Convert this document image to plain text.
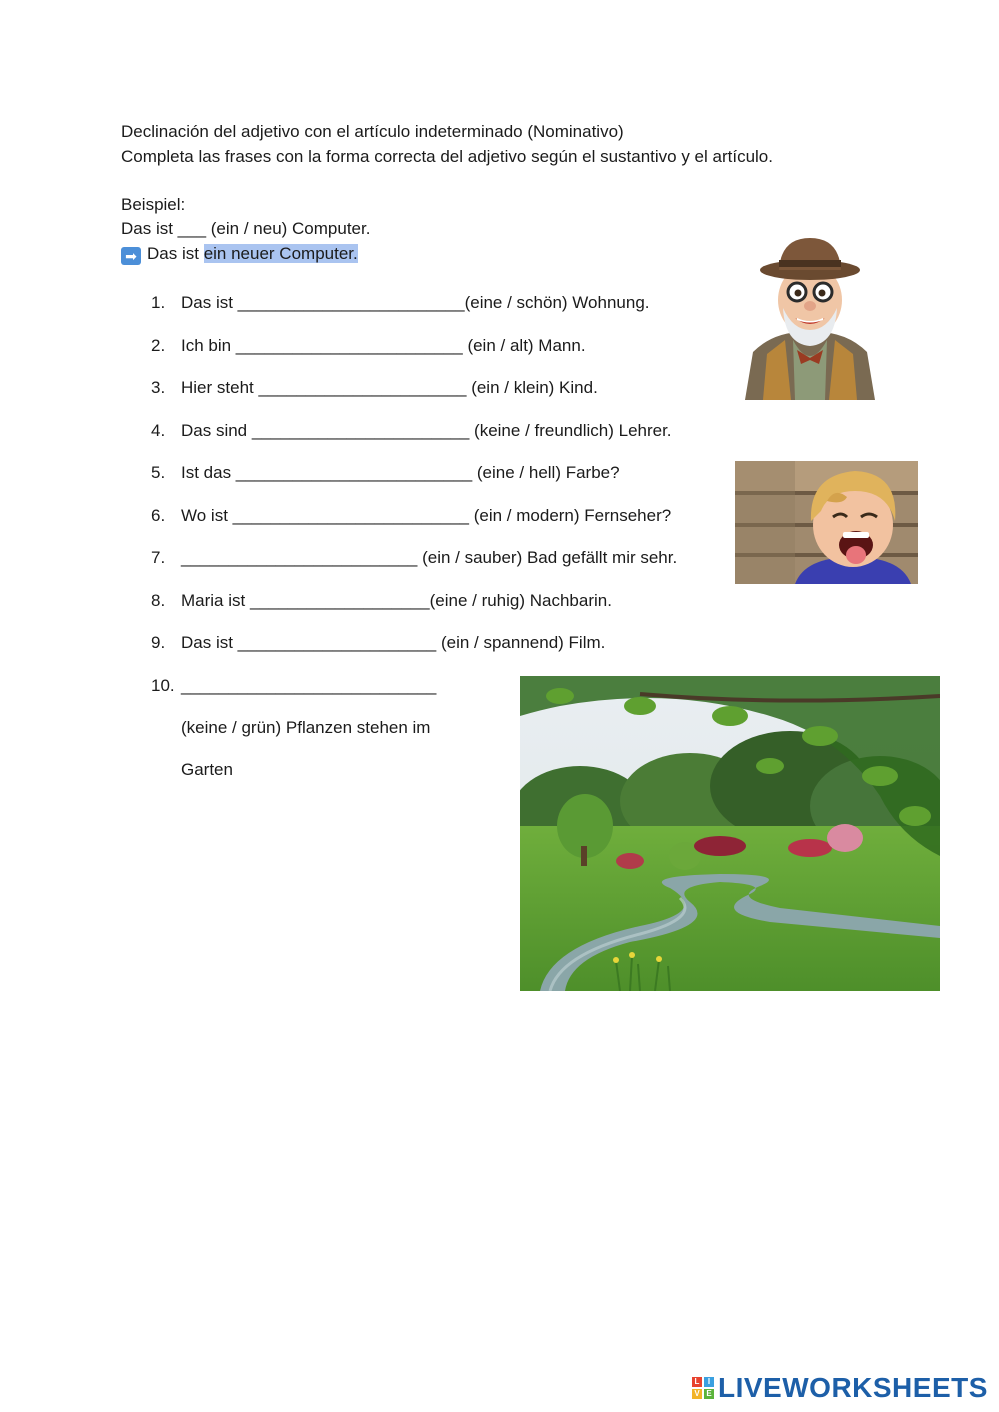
Declinación del adjetivo con el artículo indeterminado (Nominativo)
Completa las frases con la forma correcta del adjetivo según el sustantivo y el artículo.
Beispiel:
Das ist ___ (ein / neu) Computer.
➡ Das ist ein neuer Computer.
1. Das ist ________________________(eine / schön) Wohnung.
2. Ich bin ________________________ (ein / alt) Mann.
3. Hier steht ______________________ (ein / klein) Kind.
4. Das sind _______________________ (keine / freundlich) Lehrer.
5. Ist das _________________________ (eine / hell) Farbe?
6. Wo ist _________________________ (ein / modern) Fernseher?
7. _________________________ (ein / sauber) Bad gefällt mir sehr.
8. Maria ist ___________________(eine / ruhig) Nachbarin.
9. Das ist _____________________ (ein / spannend) Film.
10. ___________________________
(keine / grün) Pflanzen stehen im
Garten
L	I
V E LIVEWORKSHEETS
